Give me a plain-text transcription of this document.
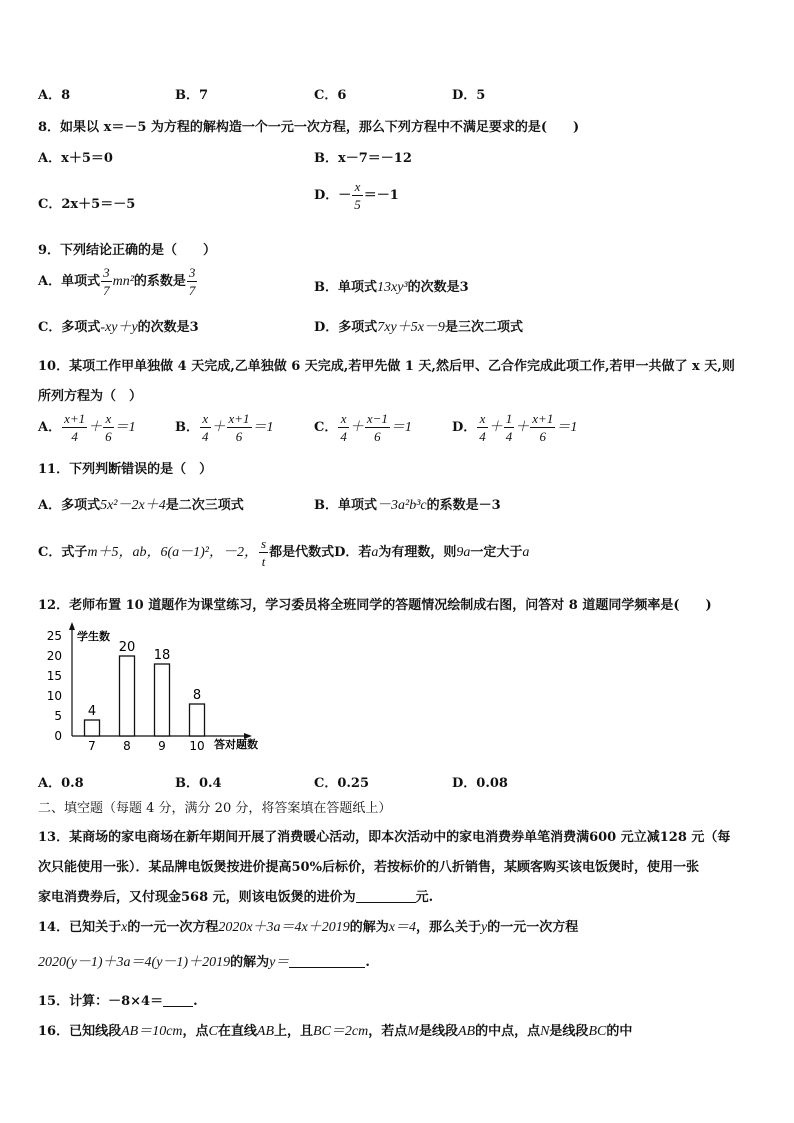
A．8	B．7	C．6	D．5
8．如果以 x＝－5 为方程的解构造一个一元一次方程，那么下列方程中不满足要求的是(　　)
A．x＋5＝0	B．x－7＝－12
C．2x＋5＝－5
D．－ $\frac{x}{5} =-1$
9．下列结论正确的是（　　）
A．单项式 $\frac{3}{7} mn^2$的系数是 $\frac{3}{7}$	B．单项式13xy³的次数是3
C．多项式-xy＋y的次数是3	D．多项式7xy＋5x－9是三次二项式
10．某项工作甲单独做 4 天完成,乙单独做 6 天完成,若甲先做 1 天,然后甲、乙合作完成此项工作,若甲一共做了 x 天,则
所列方程为（　）
A． $\frac{x+1}{4} + \frac{x}{6} =1$	B． $\frac{x}{4} + \frac{x+1}{6} =1$	C． $\frac{x}{4} + \frac{x-1}{6} =1$	D． $\frac{x}{4} + \frac{1}{4} + \frac{x+1}{6} =1$
11．下列判断错误的是（　）
A．多项式5x²－2x＋4是二次三项式	B．单项式－3a²b³c的系数是－3
C．式子m＋5，ab，6(a－1)²，－2， $\frac{s}{t}$ 都是代数式D．若a为有理数，则9a一定大于a
12．老师布置 10 道题作为课堂练习，学习委员将全班同学的答题情况绘制成右图，问答对 8 道题同学频率是(　　)
学生数
答对题数
0
5
10
15
20
25
7
4
8
20
9
18
10
8
A．0.8	B．0.4	C．0.25	D．0.08
二、填空题（每题 4 分，满分 20 分，将答案填在答题纸上）
13．某商场的家电商场在新年期间开展了消费暖心活动，即本次活动中的家电消费券单笔消费满600 元立减128 元（每
次只能使用一张）．某品牌电饭煲按进价提高50%后标价，若按标价的八折销售，某顾客购买该电饭煲时，使用一张
家电消费券后，又付现金568 元，则该电饭煲的进价为	元.
14．已知关于x的一元一次方程2020x＋3a＝4x＋2019的解为x＝4，那么关于y的一元一次方程
2020(y－1)＋3a＝4(y－1)＋2019的解为y＝	.
15．计算：－8×4＝ .
16．已知线段AB＝10cm，点C在直线AB上，且BC＝2cm，若点M是线段AB的中点，点N是线段BC的中
